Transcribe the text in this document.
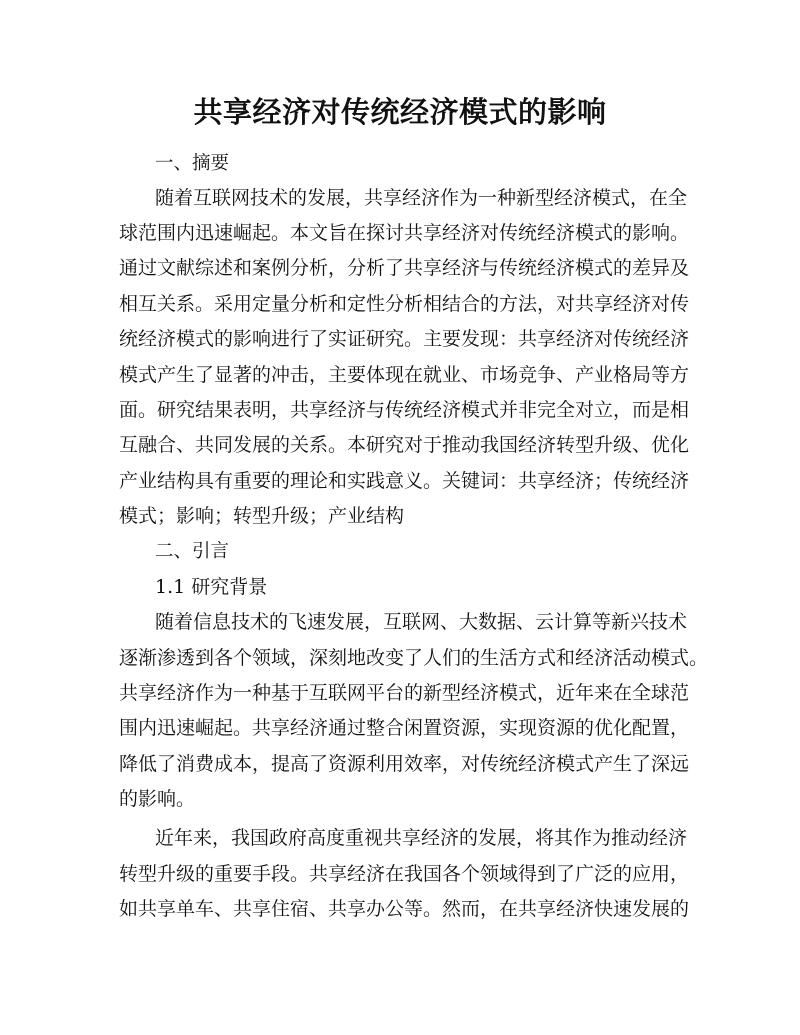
共享经济对传统经济模式的影响
一、摘要
随着互联网技术的发展，共享经济作为一种新型经济模式，在全
球范围内迅速崛起。本文旨在探讨共享经济对传统经济模式的影响。
通过文献综述和案例分析，分析了共享经济与传统经济模式的差异及
相互关系。采用定量分析和定性分析相结合的方法，对共享经济对传
统经济模式的影响进行了实证研究。主要发现：共享经济对传统经济
模式产生了显著的冲击，主要体现在就业、市场竞争、产业格局等方
面。研究结果表明，共享经济与传统经济模式并非完全对立，而是相
互融合、共同发展的关系。本研究对于推动我国经济转型升级、优化
产业结构具有重要的理论和实践意义。关键词：共享经济；传统经济
模式；影响；转型升级；产业结构
二、引言
1.1 研究背景
随着信息技术的飞速发展，互联网、大数据、云计算等新兴技术
逐渐渗透到各个领域，深刻地改变了人们的生活方式和经济活动模式。
共享经济作为一种基于互联网平台的新型经济模式，近年来在全球范
围内迅速崛起。共享经济通过整合闲置资源，实现资源的优化配置，
降低了消费成本，提高了资源利用效率，对传统经济模式产生了深远
的影响。
近年来，我国政府高度重视共享经济的发展，将其作为推动经济
转型升级的重要手段。共享经济在我国各个领域得到了广泛的应用，
如共享单车、共享住宿、共享办公等。然而，在共享经济快速发展的
